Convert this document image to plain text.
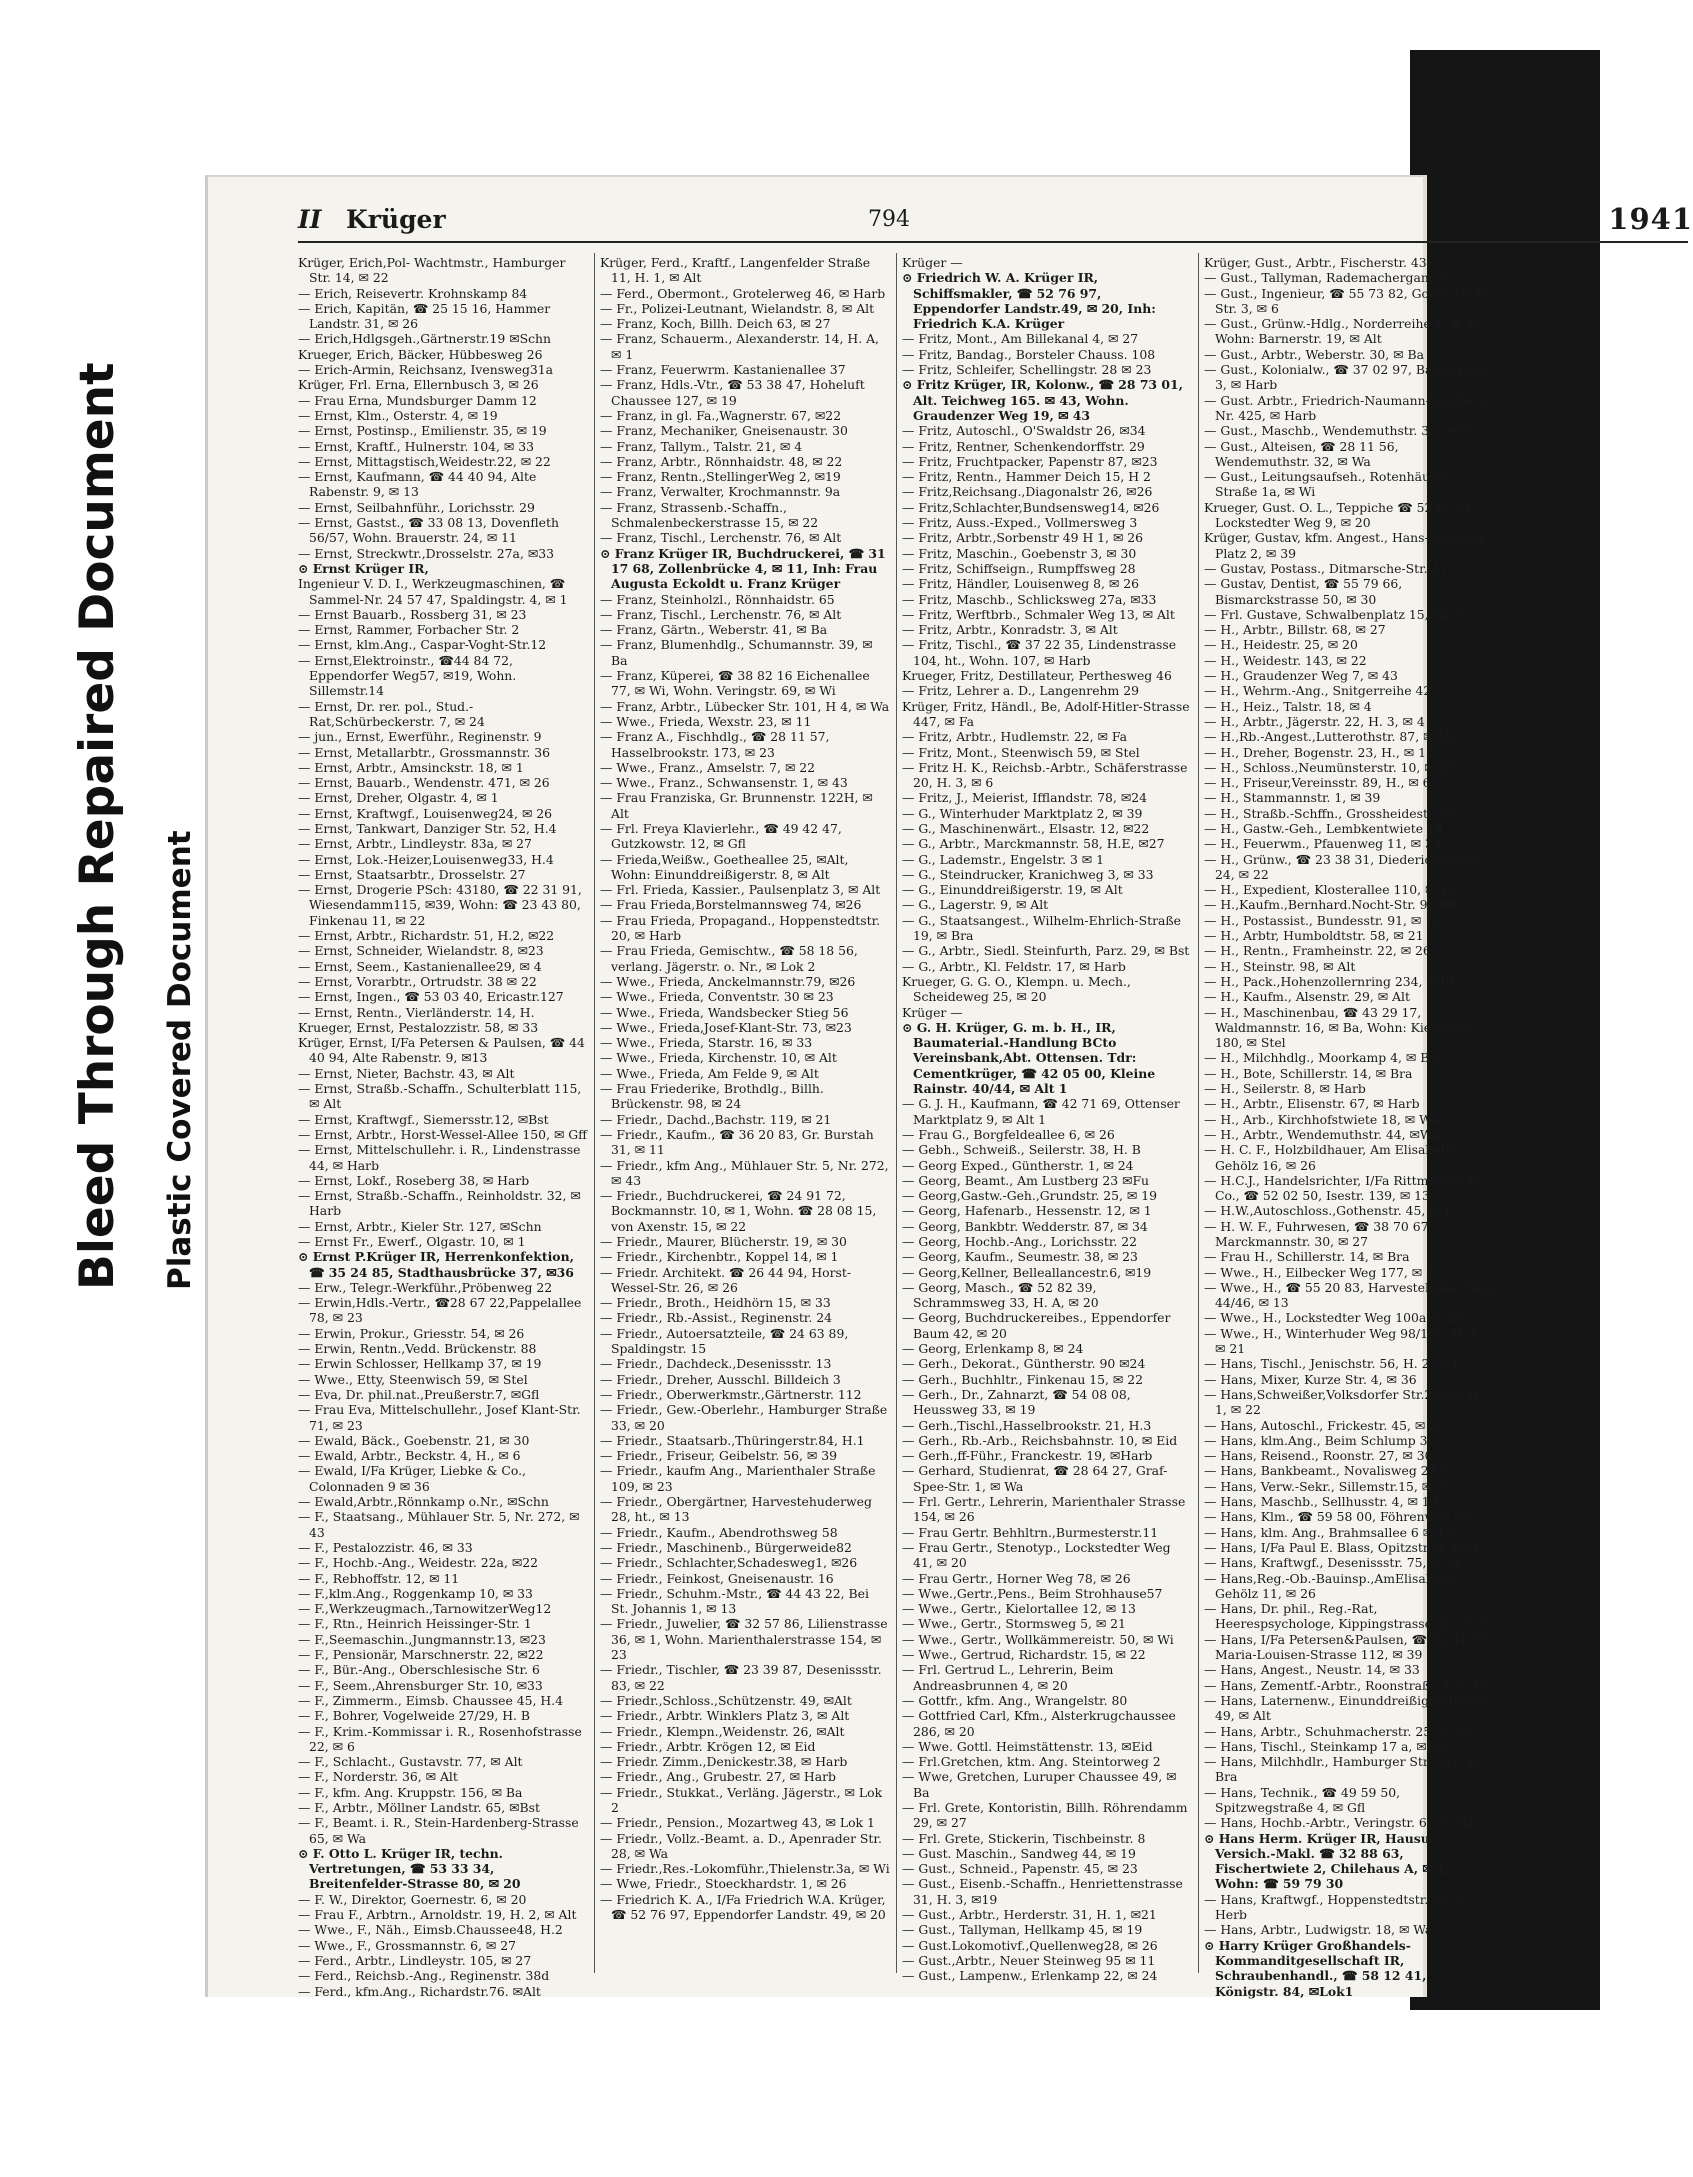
Bleed Through Repaired Document Plastic Covered Document
II Krüger	794	1941

Krüger, Erich,Pol- Wachtmstr., Hamburger Str. 14, ✉ 22

— Erich, Reisevertr. Krohnskamp 84

— Erich, Kapitän, ☎ 25 15 16, Hammer Landstr. 31, ✉ 26

— Erich,Hdlgsgeh.,Gärtnerstr.19 ✉Schn

Krueger, Erich, Bäcker, Hübbesweg 26

— Erich-Armin, Reichsanz, Ivensweg31a

Krüger, Frl. Erna, Ellernbusch 3, ✉ 26

— Frau Erna, Mundsburger Damm 12

— Ernst, Klm., Osterstr. 4, ✉ 19

— Ernst, Postinsp., Emilienstr. 35, ✉ 19

— Ernst, Kraftf., Hulnerstr. 104, ✉ 33

— Ernst, Mittagstisch,Weidestr.22, ✉ 22

— Ernst, Kaufmann, ☎ 44 40 94, Alte Rabenstr. 9, ✉ 13

— Ernst, Seilbahnführ., Lorichsstr. 29

— Ernst, Gastst., ☎ 33 08 13, Dovenfleth 56/57, Wohn. Brauerstr. 24, ✉ 11

— Ernst, Streckwtr.,Drosselstr. 27a, ✉33

⊙ Ernst Krüger IR,

Ingenieur V. D. I., Werkzeugmaschinen, ☎ Sammel-Nr. 24 57 47, Spaldingstr. 4, ✉ 1

— Ernst Bauarb., Rossberg 31, ✉ 23

— Ernst, Rammer, Forbacher Str. 2

— Ernst, klm.Ang., Caspar-Voght-Str.12

— Ernst,Elektroinstr., ☎44 84 72, Eppendorfer Weg57, ✉19, Wohn. Sillemstr.14

— Ernst, Dr. rer. pol., Stud.-Rat,Schürbeckerstr. 7, ✉ 24

— jun., Ernst, Ewerführ., Reginenstr. 9

— Ernst, Metallarbtr., Grossmannstr. 36

— Ernst, Arbtr., Amsinckstr. 18, ✉ 1

— Ernst, Bauarb., Wendenstr. 471, ✉ 26

— Ernst, Dreher, Olgastr. 4, ✉ 1

— Ernst, Kraftwgf., Louisenweg24, ✉ 26

— Ernst, Tankwart, Danziger Str. 52, H.4

— Ernst, Arbtr., Lindleystr. 83a, ✉ 27

— Ernst, Lok.-Heizer,Louisenweg33, H.4

— Ernst, Staatsarbtr., Drosselstr. 27

— Ernst, Drogerie PSch: 43180, ☎ 22 31 91, Wiesendamm115, ✉39, Wohn: ☎ 23 43 80, Finkenau 11, ✉ 22

— Ernst, Arbtr., Richardstr. 51, H.2, ✉22

— Ernst, Schneider, Wielandstr. 8, ✉23

— Ernst, Seem., Kastanienallee29, ✉ 4

— Ernst, Vorarbtr., Ortrudstr. 38 ✉ 22

— Ernst, Ingen., ☎ 53 03 40, Ericastr.127

— Ernst, Rentn., Vierländerstr. 14, H.

Krueger, Ernst, Pestalozzistr. 58, ✉ 33

Krüger, Ernst, I/Fa Petersen & Paulsen, ☎ 44 40 94, Alte Rabenstr. 9, ✉13

— Ernst, Nieter, Bachstr. 43, ✉ Alt

— Ernst, Straßb.-Schaffn., Schulterblatt 115, ✉ Alt

— Ernst, Kraftwgf., Siemersstr.12, ✉Bst

— Ernst, Arbtr., Horst-Wessel-Allee 150, ✉ Gff

— Ernst, Mittelschullehr. i. R., Lindenstrasse 44, ✉ Harb

— Ernst, Lokf., Roseberg 38, ✉ Harb

— Ernst, Straßb.-Schaffn., Reinholdstr. 32, ✉ Harb

— Ernst, Arbtr., Kieler Str. 127, ✉Schn

— Ernst Fr., Ewerf., Olgastr. 10, ✉ 1

⊙ Ernst P.Krüger IR, Herrenkonfektion, ☎ 35 24 85, Stadthausbrücke 37, ✉36

— Erw., Telegr.-Werkführ.,Pröbenweg 22

— Erwin,Hdls.-Vertr., ☎28 67 22,Pappelallee 78, ✉ 23

— Erwin, Prokur., Griesstr. 54, ✉ 26

— Erwin, Rentn.,Vedd. Brückenstr. 88

— Erwin Schlosser, Hellkamp 37, ✉ 19

— Wwe., Etty, Steenwisch 59, ✉ Stel

— Eva, Dr. phil.nat.,Preußerstr.7, ✉Gfl

— Frau Eva, Mittelschullehr., Josef Klant-Str. 71, ✉ 23

— Ewald, Bäck., Goebenstr. 21, ✉ 30

— Ewald, Arbtr., Beckstr. 4, H., ✉ 6

— Ewald, I/Fa Krüger, Liebke & Co., Colonnaden 9 ✉ 36

— Ewald,Arbtr.,Rönnkamp o.Nr., ✉Schn

— F., Staatsang., Mühlauer Str. 5, Nr. 272, ✉ 43

— F., Pestalozzistr. 46, ✉ 33

— F., Hochb.-Ang., Weidestr. 22a, ✉22

— F., Rebhoffstr. 12, ✉ 11

— F.,klm.Ang., Roggenkamp 10, ✉ 33

— F.,Werkzeugmach.,TarnowitzerWeg12

— F., Rtn., Heinrich Heissinger-Str. 1

— F.,Seemaschin.,Jungmannstr.13, ✉23

— F., Pensionär, Marschnerstr. 22, ✉22

— F., Bür.-Ang., Oberschlesische Str. 6

— F., Seem.,Ahrensburger Str. 10, ✉33

— F., Zimmerm., Eimsb. Chaussee 45, H.4

— F., Bohrer, Vogelweide 27/29, H. B

— F., Krim.-Kommissar i. R., Rosenhofstrasse 22, ✉ 6

— F., Schlacht., Gustavstr. 77, ✉ Alt

— F., Norderstr. 36, ✉ Alt

— F., kfm. Ang. Kruppstr. 156, ✉ Ba

— F., Arbtr., Möllner Landstr. 65, ✉Bst

— F., Beamt. i. R., Stein-Hardenberg-Strasse 65, ✉ Wa

⊙ F. Otto L. Krüger IR, techn. Vertretungen, ☎ 53 33 34, Breitenfelder-Strasse 80, ✉ 20

— F. W., Direktor, Goernestr. 6, ✉ 20

— Frau F., Arbtrn., Arnoldstr. 19, H. 2, ✉ Alt

— Wwe., F., Näh., Eimsb.Chaussee48, H.2

— Wwe., F., Grossmannstr. 6, ✉ 27

— Ferd., Arbtr., Lindleystr. 105, ✉ 27

— Ferd., Reichsb.-Ang., Reginenstr. 38d

— Ferd., kfm.Ang., Richardstr.76. ✉Alt

Krüger, Ferd., Kraftf., Langenfelder Straße 11, H. 1, ✉ Alt

— Ferd., Obermont., Grotelerweg 46, ✉ Harb

— Fr., Polizei-Leutnant, Wielandstr. 8, ✉ Alt

— Franz, Koch, Billh. Deich 63, ✉ 27

— Franz, Schauerm., Alexanderstr. 14, H. A, ✉ 1

— Franz, Feuerwrm. Kastanienallee 37

— Franz, Hdls.-Vtr., ☎ 53 38 47, Hoheluft Chaussee 127, ✉ 19

— Franz, in gl. Fa.,Wagnerstr. 67, ✉22

— Franz, Mechaniker, Gneisenaustr. 30

— Franz, Tallym., Talstr. 21, ✉ 4

— Franz, Arbtr., Rönnhaidstr. 48, ✉ 22

— Franz, Rentn.,StellingerWeg 2, ✉19

— Franz, Verwalter, Krochmannstr. 9a

— Franz, Strassenb.-Schaffn., Schmalenbeckerstrasse 15, ✉ 22

— Franz, Tischl., Lerchenstr. 76, ✉ Alt

⊙ Franz Krüger IR, Buchdruckerei, ☎ 31 17 68, Zollenbrücke 4, ✉ 11, Inh: Frau Augusta Eckoldt u. Franz Krüger

— Franz, Steinholzl., Rönnhaidstr. 65

— Franz, Tischl., Lerchenstr. 76, ✉ Alt

— Franz, Gärtn., Weberstr. 41, ✉ Ba

— Franz, Blumenhdlg., Schumannstr. 39, ✉ Ba

— Franz, Küperei, ☎ 38 82 16 Eichenallee 77, ✉ Wi, Wohn. Veringstr. 69, ✉ Wi

— Franz, Arbtr., Lübecker Str. 101, H 4, ✉ Wa

— Wwe., Frieda, Wexstr. 23, ✉ 11

— Franz A., Fischhdlg., ☎ 28 11 57, Hasselbrookstr. 173, ✉ 23

— Wwe., Franz., Amselstr. 7, ✉ 22

— Wwe., Franz., Schwansenstr. 1, ✉ 43

— Frau Franziska, Gr. Brunnenstr. 122H, ✉ Alt

— Frl. Freya Klavierlehr., ☎ 49 42 47, Gutzkowstr. 12, ✉ Gfl

— Frieda,Weißw., Goetheallee 25, ✉Alt, Wohn: Einunddreißigerstr. 8, ✉ Alt

— Frl. Frieda, Kassier., Paulsenplatz 3, ✉ Alt

— Frau Frieda,Borstelmannsweg 74, ✉26

— Frau Frieda, Propagand., Hoppenstedtstr. 20, ✉ Harb

— Frau Frieda, Gemischtw., ☎ 58 18 56, verlang. Jägerstr. o. Nr., ✉ Lok 2

— Wwe., Frieda, Anckelmannstr.79, ✉26

— Wwe., Frieda, Conventstr. 30 ✉ 23

— Wwe., Frieda, Wandsbecker Stieg 56

— Wwe., Frieda,Josef-Klant-Str. 73, ✉23

— Wwe., Frieda, Starstr. 16, ✉ 33

— Wwe., Frieda, Kirchenstr. 10, ✉ Alt

— Wwe., Frieda, Am Felde 9, ✉ Alt

— Frau Friederike, Brothdlg., Billh. Brückenstr. 98, ✉ 24

— Friedr., Dachd.,Bachstr. 119, ✉ 21

— Friedr., Kaufm., ☎ 36 20 83, Gr. Burstah 31, ✉ 11

— Friedr., kfm Ang., Mühlauer Str. 5, Nr. 272, ✉ 43

— Friedr., Buchdruckerei, ☎ 24 91 72, Bockmannstr. 10, ✉ 1, Wohn. ☎ 28 08 15, von Axenstr. 15, ✉ 22

— Friedr., Maurer, Blücherstr. 19, ✉ 30

— Friedr., Kirchenbtr., Koppel 14, ✉ 1

— Friedr. Architekt. ☎ 26 44 94, Horst-Wessel-Str. 26, ✉ 26

— Friedr., Broth., Heidhörn 15, ✉ 33

— Friedr., Rb.-Assist., Reginenstr. 24

— Friedr., Autoersatzteile, ☎ 24 63 89, Spaldingstr. 15

— Friedr., Dachdeck.,Desenissstr. 13

— Friedr., Dreher, Ausschl. Billdeich 3

— Friedr., Oberwerkmstr.,Gärtnerstr. 112

— Friedr., Gew.-Oberlehr., Hamburger Straße 33, ✉ 20

— Friedr., Staatsarb.,Thüringerstr.84, H.1

— Friedr., Friseur, Geibelstr. 56, ✉ 39

— Friedr., kaufm Ang., Marienthaler Straße 109, ✉ 23

— Friedr., Obergärtner, Harvestehuderweg 28, ht., ✉ 13

— Friedr., Kaufm., Abendrothsweg 58

— Friedr., Maschinenb., Bürgerweide82

— Friedr., Schlachter,Schadesweg1, ✉26

— Friedr., Feinkost, Gneisenaustr. 16

— Friedr., Schuhm.-Mstr., ☎ 44 43 22, Bei St. Johannis 1, ✉ 13

— Friedr., Juwelier, ☎ 32 57 86, Lilienstrasse 36, ✉ 1, Wohn. Marienthalerstrasse 154, ✉ 23

— Friedr., Tischler, ☎ 23 39 87, Desenissstr. 83, ✉ 22

— Friedr.,Schloss.,Schützenstr. 49, ✉Alt

— Friedr., Arbtr. Winklers Platz 3, ✉ Alt

— Friedr., Klempn.,Weidenstr. 26, ✉Alt

— Friedr., Arbtr. Krögen 12, ✉ Eid

— Friedr. Zimm.,Denickestr.38, ✉ Harb

— Friedr., Ang., Grubestr. 27, ✉ Harb

— Friedr., Stukkat., Verläng. Jägerstr., ✉ Lok 2

— Friedr., Pension., Mozartweg 43, ✉ Lok 1

— Friedr., Vollz.-Beamt. a. D., Apenrader Str. 28, ✉ Wa

— Friedr.,Res.-Lokomführ.,Thielenstr.3a, ✉ Wi

— Wwe, Friedr., Stoeckhardstr. 1, ✉ 26

— Friedrich K. A., I/Fa Friedrich W.A. Krüger, ☎ 52 76 97, Eppendorfer Landstr. 49, ✉ 20

Krüger —

⊙ Friedrich W. A. Krüger IR, Schiffsmakler, ☎ 52 76 97, Eppendorfer Landstr.49, ✉ 20, Inh: Friedrich K.A. Krüger

— Fritz, Mont., Am Billekanal 4, ✉ 27

— Fritz, Bandag., Borsteler Chauss. 108

— Fritz, Schleifer, Schellingstr. 28 ✉ 23

⊙ Fritz Krüger, IR, Kolonw., ☎ 28 73 01, Alt. Teichweg 165. ✉ 43, Wohn. Graudenzer Weg 19, ✉ 43

— Fritz, Autoschl., O'Swaldstr 26, ✉34

— Fritz, Rentner, Schenkendorffstr. 29

— Fritz, Fruchtpacker, Papenstr 87, ✉23

— Fritz, Rentn., Hammer Deich 15, H 2

— Fritz,Reichsang.,Diagonalstr 26, ✉26

— Fritz,Schlachter,Bundsensweg14, ✉26

— Fritz, Auss.-Exped., Vollmersweg 3

— Fritz, Arbtr.,Sorbenstr 49 H 1, ✉ 26

— Fritz, Maschin., Goebenstr 3, ✉ 30

— Fritz, Schiffseign., Rumpffsweg 28

— Fritz, Händler, Louisenweg 8, ✉ 26

— Fritz, Maschb., Schlicksweg 27a, ✉33

— Fritz, Werftbrb., Schmaler Weg 13, ✉ Alt

— Fritz, Arbtr., Konradstr. 3, ✉ Alt

— Fritz, Tischl., ☎ 37 22 35, Lindenstrasse 104, ht., Wohn. 107, ✉ Harb

Krueger, Fritz, Destillateur, Perthesweg 46

— Fritz, Lehrer a. D., Langenrehm 29

Krüger, Fritz, Händl., Be, Adolf-Hitler-Strasse 447, ✉ Fa

— Fritz, Arbtr., Hudlemstr. 22, ✉ Fa

— Fritz, Mont., Steenwisch 59, ✉ Stel

— Fritz H. K., Reichsb.-Arbtr., Schäferstrasse 20, H. 3, ✉ 6

— Fritz, J., Meierist, Ifflandstr. 78, ✉24

— G., Winterhuder Marktplatz 2, ✉ 39

— G., Maschinenwärt., Elsastr. 12, ✉22

— G., Arbtr., Marckmannstr. 58, H.E, ✉27

— G., Lademstr., Engelstr. 3 ✉ 1

— G., Steindrucker, Kranichweg 3, ✉ 33

— G., Einunddreißigerstr. 19, ✉ Alt

— G., Lagerstr. 9, ✉ Alt

— G., Staatsangest., Wilhelm-Ehrlich-Straße 19, ✉ Bra

— G., Arbtr., Siedl. Steinfurth, Parz. 29, ✉ Bst

— G., Arbtr., Kl. Feldstr. 17, ✉ Harb

Krueger, G. G. O., Klempn. u. Mech., Scheideweg 25, ✉ 20

Krüger —

⊙ G. H. Krüger, G. m. b. H., IR, Baumaterial.-Handlung BCto Vereinsbank,Abt. Ottensen. Tdr: Cementkrüger, ☎ 42 05 00, Kleine Rainstr. 40/44, ✉ Alt 1

— G. J. H., Kaufmann, ☎ 42 71 69, Ottenser Marktplatz 9, ✉ Alt 1

— Frau G., Borgfeldeallee 6, ✉ 26

— Gebh., Schweiß., Seilerstr. 38, H. B

— Georg Exped., Güntherstr. 1, ✉ 24

— Georg, Beamt., Am Lustberg 23 ✉Fu

— Georg,Gastw.-Geh.,Grundstr. 25, ✉ 19

— Georg, Hafenarb., Hessenstr. 12, ✉ 1

— Georg, Bankbtr. Wedderstr. 87, ✉ 34

— Georg, Hochb.-Ang., Lorichsstr. 22

— Georg, Kaufm., Seumestr. 38, ✉ 23

— Georg,Kellner, Belleallancestr.6, ✉19

— Georg, Masch., ☎ 52 82 39, Schrammsweg 33, H. A, ✉ 20

— Georg, Buchdruckereibes., Eppendorfer Baum 42, ✉ 20

— Georg, Erlenkamp 8, ✉ 24

— Gerh., Dekorat., Güntherstr. 90 ✉24

— Gerh., Buchhltr., Finkenau 15, ✉ 22

— Gerh., Dr., Zahnarzt, ☎ 54 08 08, Heussweg 33, ✉ 19

— Gerh.,Tischl.,Hasselbrookstr. 21, H.3

— Gerh., Rb.-Arb., Reichsbahnstr. 10, ✉ Eid

— Gerh.,ff-Führ., Franckestr. 19, ✉Harb

— Gerhard, Studienrat, ☎ 28 64 27, Graf-Spee-Str. 1, ✉ Wa

— Frl. Gertr., Lehrerin, Marienthaler Strasse 154, ✉ 26

— Frau Gertr. Behhltrn.,Burmesterstr.11

— Frau Gertr., Stenotyp., Lockstedter Weg 41, ✉ 20

— Frau Gertr., Horner Weg 78, ✉ 26

— Wwe.,Gertr.,Pens., Beim Strohhause57

— Wwe., Gertr., Kielortallee 12, ✉ 13

— Wwe., Gertr., Stormsweg 5, ✉ 21

— Wwe., Gertr., Wollkämmereistr. 50, ✉ Wi

— Wwe., Gertrud, Richardstr. 15, ✉ 22

— Frl. Gertrud L., Lehrerin, Beim Andreasbrunnen 4, ✉ 20

— Gottfr., kfm. Ang., Wrangelstr. 80

— Gottfried Carl, Kfm., Alsterkrugchaussee 286, ✉ 20

— Wwe. Gottl. Heimstättenstr. 13, ✉Eid

— Frl.Gretchen, ktm. Ang. Steintorweg 2

— Wwe, Gretchen, Luruper Chaussee 49, ✉ Ba

— Frl. Grete, Kontoristin, Billh. Röhrendamm 29, ✉ 27

— Frl. Grete, Stickerin, Tischbeinstr. 8

— Gust. Maschin., Sandweg 44, ✉ 19

— Gust., Schneid., Papenstr. 45, ✉ 23

— Gust., Eisenb.-Schaffn., Henriettenstrasse 31, H. 3, ✉19

— Gust., Arbtr., Herderstr. 31, H. 1, ✉21

— Gust., Tallyman, Hellkamp 45, ✉ 19

— Gust.Lokomotivf.,Quellenweg28, ✉ 26

— Gust.,Arbtr., Neuer Steinweg 95 ✉ 11

— Gust., Lampenw., Erlenkamp 22, ✉ 24

Krüger, Gust., Arbtr., Fischerstr. 43

— Gust., Tallyman, Rademachergang 4

— Gust., Ingenieur, ☎ 55 73 82, Gorch-Fock-Str. 3, ✉ 6

— Gust., Grünw.-Hdlg., Norderreihe 1, ✉ Alt Wohn: Barnerstr. 19, ✉ Alt

— Gust., Arbtr., Weberstr. 30, ✉ Ba

— Gust., Kolonialw., ☎ 37 02 97, Bachstrasse 3, ✉ Harb

— Gust. Arbtr., Friedrich-Naumann-Straße 8, Nr. 425, ✉ Harb

— Gust., Maschb., Wendemuthstr. 32, ✉ Wa

— Gust., Alteisen, ☎ 28 11 56, Wendemuthstr. 32, ✉ Wa

— Gust., Leitungsaufseh., Rotenhäuser Straße 1a, ✉ Wi

Krueger, Gust. O. L., Teppiche ☎ 52 66 51, Lockstedter Weg 9, ✉ 20

Krüger, Gustav, kfm. Angest., Hans-Schemm-Platz 2, ✉ 39

— Gustav, Postass., Ditmarsche-Str. 41

— Gustav, Dentist, ☎ 55 79 66, Bismarckstrasse 50, ✉ 30

— Frl. Gustave, Schwalbenplatz 15, Nr. 9

— H., Arbtr., Billstr. 68, ✉ 27

— H., Heidestr. 25, ✉ 20

— H., Weidestr. 143, ✉ 22

— H., Graudenzer Weg 7, ✉ 43

— H., Wehrm.-Ang., Snitgerreihe 42

— H., Heiz., Talstr. 18, ✉ 4

— H., Arbtr., Jägerstr. 22, H. 3, ✉ 4

— H.,Rb.-Angest.,Lutterothstr. 87, ✉ 19

— H., Dreher, Bogenstr. 23, H., ✉ 13

— H., Schloss.,Neumünsterstr. 10, ✉ 20

— H., Friseur,Vereinsstr. 89, H., ✉ 6

— H., Stammannstr. 1, ✉ 39

— H., Straßb.-Schffn., Grossheidestr. 35

— H., Gastw.-Geh., Lembkentwiete 14

— H., Feuerwm., Pfauenweg 11, ✉ 33

— H., Grünw., ☎ 23 38 31, Diederichstraße 24, ✉ 22

— H., Expedient, Klosterallee 110, ✉ 13

— H.,Kaufm.,Bernhard.Nocht-Str. 95 ✉4

— H., Postassist., Bundesstr. 91, ✉ 13

— H., Arbtr, Humboldtstr. 58, ✉ 21

— H., Rentn., Framheinstr. 22, ✉ 26

— H., Steinstr. 98, ✉ Alt

— H., Pack.,Hohenzollernring 234, ✉Alt

— H., Kaufm., Alsenstr. 29, ✉ Alt

— H., Maschinenbau, ☎ 43 29 17, Waldmannstr. 16, ✉ Ba, Wohn: Kieler Str. 180, ✉ Stel

— H., Milchhdlg., Moorkamp 4, ✉ Bst

— H., Bote, Schillerstr. 14, ✉ Bra

— H., Seilerstr. 8, ✉ Harb

— H., Arbtr., Elisenstr. 67, ✉ Harb

— H., Arb., Kirchhofstwiete 18, ✉ Wa

— H., Arbtr., Wendemuthstr. 44, ✉Wa

— H. C. F., Holzbildhauer, Am Elisabeth-Gehölz 16, ✉ 26

— H.C.J., Handelsrichter, I/Fa Rittmeister & Co., ☎ 52 02 50, Isestr. 139, ✉ 13

— H.W.,Autoschloss.,Gothenstr. 45, ✉ 1

— H. W. F., Fuhrwesen, ☎ 38 70 67, Marckmannstr. 30, ✉ 27

— Frau H., Schillerstr. 14, ✉ Bra

— Wwe., H., Eilbecker Weg 177, ✉ 23

— Wwe., H., ☎ 55 20 83, Harvestehuder Weg 44/46, ✉ 13

— Wwe., H., Lockstedter Weg 100a, ✉ 20

— Wwe., H., Winterhuder Weg 98/100, H. F, ✉ 21

— Hans, Tischl., Jenischstr. 56, H. 2, ✉ 1

— Hans, Mixer, Kurze Str. 4, ✉ 36

— Hans,Schweißer,Volksdorfer Str.28/30, H. 1, ✉ 22

— Hans, Autoschl., Frickestr. 45, ✉ 20

— Hans, klm.Ang., Beim Schlump 30

— Hans, Reisend., Roonstr. 27, ✉ 30

— Hans, Bankbeamt., Novalisweg 24 f,

— Hans, Verw.-Sekr., Sillemstr.15, ✉ 19

— Hans, Maschb., Sellhusstr. 4, ✉ 19

— Hans, Klm., ☎ 59 58 00, Föhrenweg 25

— Hans, klm. Ang., Brahmsallee 6 ✉ 13

— Hans, I/Fa Paul E. Blass, Opitzstr. 8, ✉39

— Hans, Kraftwgf., Desenissstr. 75, ✉ 22

— Hans,Reg.-Ob.-Bauinsp.,AmElisabeth-Gehölz 11, ✉ 26

— Hans, Dr. phil., Reg.-Rat, Heerespsychologe, Kippingstrasse 32, ✉ 13

— Hans, I/Fa Petersen&Paulsen, ☎ 52 34 77, Maria-Louisen-Strasse 112, ✉ 39

— Hans, Angest., Neustr. 14, ✉ 33

— Hans, Zementf.-Arbtr., Roonstraße 7, ✉ Alt

— Hans, Laternenw., Einunddreißigerstrasse 49, ✉ Alt

— Hans, Arbtr., Schuhmacherstr. 25, ✉ Alt

— Hans, Tischl., Steinkamp 17 a, ✉Bst

— Hans, Milchhdlr., Hamburger Str. 221, ✉ Bra

— Hans, Technik., ☎ 49 59 50, Spitzwegstraße 4, ✉ Gfl

— Hans, Hochb.-Arbtr., Veringstr. 68, ✉ Wi

⊙ Hans Herm. Krüger IR, Hausu. Versich.-Makl. ☎ 32 88 63, Fischertwiete 2, Chilehaus A, ✉ 1, Wohn: ☎ 59 79 30

— Hans, Kraftwgf., Hoppenstedtstr. 28, ✉ Herb

— Hans, Arbtr., Ludwigstr. 18, ✉ Wa

⊙ Harry Krüger Großhandels-Kommanditgesellschaft IR, Schraubenhandl., ☎ 58 12 41, Königstr. 84, ✉Lok1
